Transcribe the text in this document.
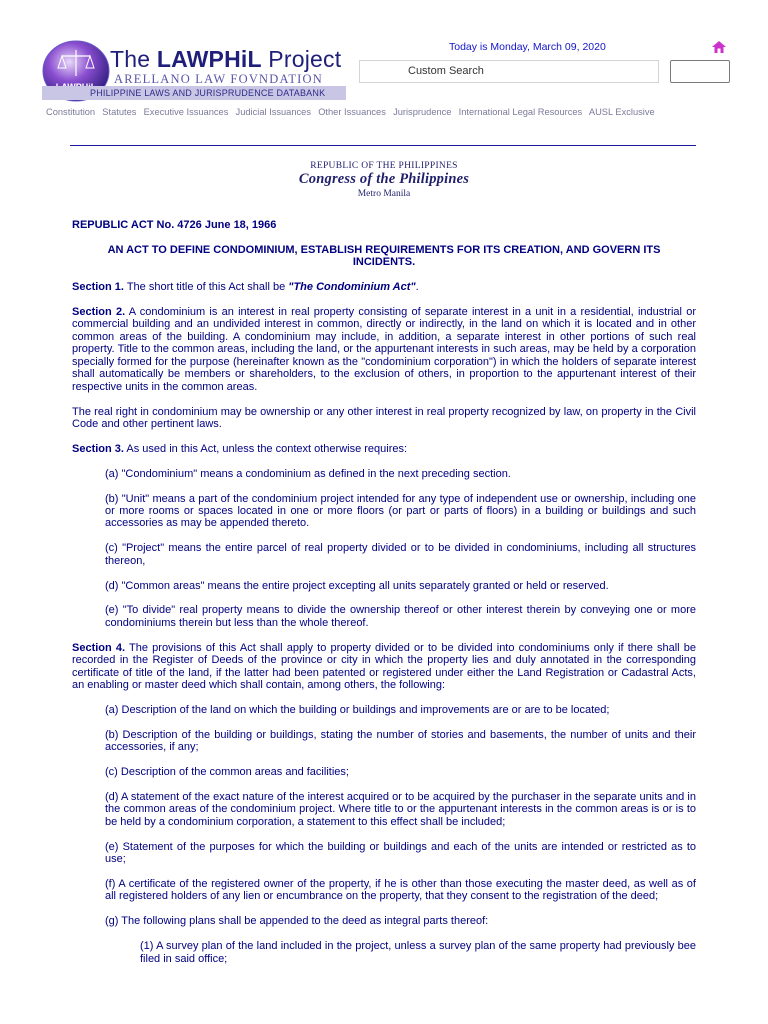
The LAWPHiL Project
ARELLANO LAW FOVNDATION
PHILIPPINE LAWS AND JURISPRUDENCE DATABANK
Today is Monday, March 09, 2020
Custom Search
Constitution Statutes Executive Issuances Judicial Issuances Other Issuances Jurisprudence International Legal Resources AUSL Exclusive
REPUBLIC OF THE PHILIPPINES
Congress of the Philippines
Metro Manila

REPUBLIC ACT No. 4726 June 18, 1966

AN ACT TO DEFINE CONDOMINIUM, ESTABLISH REQUIREMENTS FOR ITS CREATION, AND GOVERN ITS INCIDENTS.

Section 1. The short title of this Act shall be "The Condominium Act".

Section 2. A condominium is an interest in real property consisting of separate interest in a unit in a residential, industrial or commercial building and an undivided interest in common, directly or indirectly, in the land on which it is located and in other common areas of the building. A condominium may include, in addition, a separate interest in other portions of such real property. Title to the common areas, including the land, or the appurtenant interests in such areas, may be held by a corporation specially formed for the purpose (hereinafter known as the "condominium corporation") in which the holders of separate interest shall automatically be members or shareholders, to the exclusion of others, in proportion to the appurtenant interest of their respective units in the common areas.

The real right in condominium may be ownership or any other interest in real property recognized by law, on property in the Civil Code and other pertinent laws.

Section 3. As used in this Act, unless the context otherwise requires:

(a) "Condominium" means a condominium as defined in the next preceding section.

(b) "Unit" means a part of the condominium project intended for any type of independent use or ownership, including one or more rooms or spaces located in one or more floors (or part or parts of floors) in a building or buildings and such accessories as may be appended thereto.

(c) "Project" means the entire parcel of real property divided or to be divided in condominiums, including all structures thereon,

(d) "Common areas" means the entire project excepting all units separately granted or held or reserved.

(e) "To divide" real property means to divide the ownership thereof or other interest therein by conveying one or more condominiums therein but less than the whole thereof.

Section 4. The provisions of this Act shall apply to property divided or to be divided into condominiums only if there shall be recorded in the Register of Deeds of the province or city in which the property lies and duly annotated in the corresponding certificate of title of the land, if the latter had been patented or registered under either the Land Registration or Cadastral Acts, an enabling or master deed which shall contain, among others, the following:

(a) Description of the land on which the building or buildings and improvements are or are to be located;

(b) Description of the building or buildings, stating the number of stories and basements, the number of units and their accessories, if any;

(c) Description of the common areas and facilities;

(d) A statement of the exact nature of the interest acquired or to be acquired by the purchaser in the separate units and in the common areas of the condominium project. Where title to or the appurtenant interests in the common areas is or is to be held by a condominium corporation, a statement to this effect shall be included;

(e) Statement of the purposes for which the building or buildings and each of the units are intended or restricted as to use;

(f) A certificate of the registered owner of the property, if he is other than those executing the master deed, as well as of all registered holders of any lien or encumbrance on the property, that they consent to the registration of the deed;

(g) The following plans shall be appended to the deed as integral parts thereof:

(1) A survey plan of the land included in the project, unless a survey plan of the same property had previously bee filed in said office;
